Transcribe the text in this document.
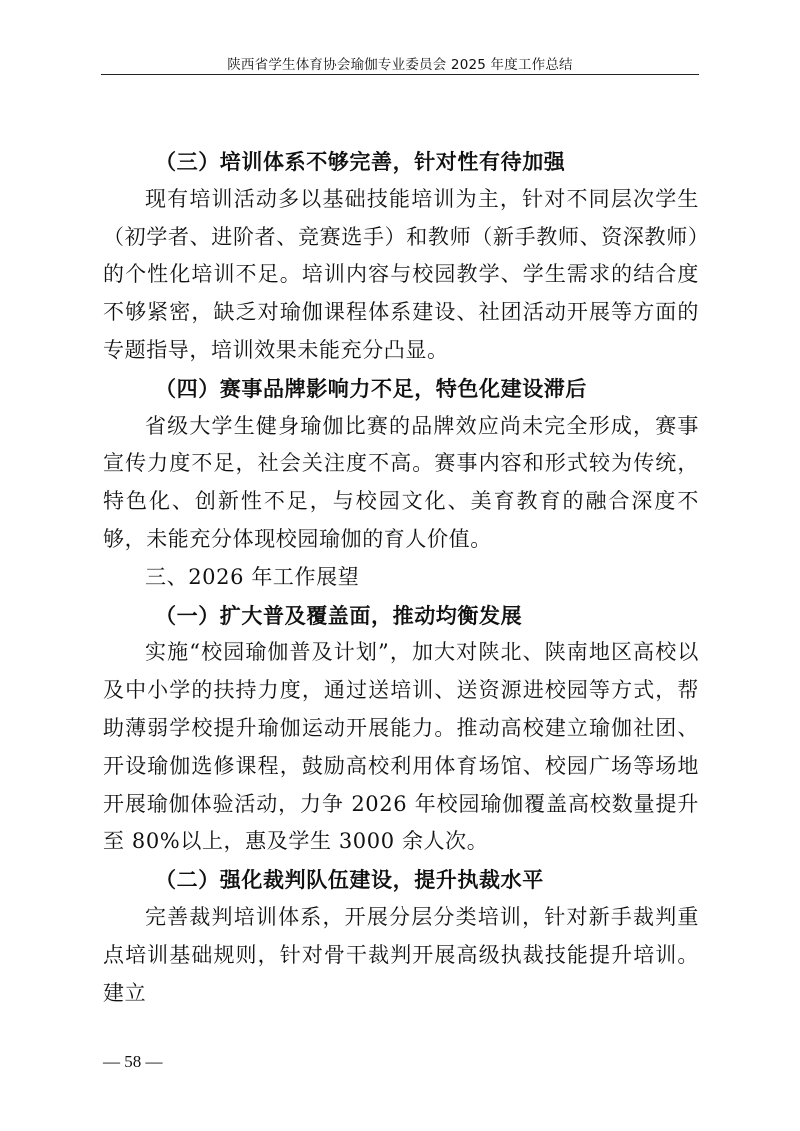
陕西省学生体育协会瑜伽专业委员会 2025 年度工作总结

（三）培训体系不够完善，针对性有待加强

现有培训活动多以基础技能培训为主，针对不同层次学生（初学者、进阶者、竞赛选手）和教师（新手教师、资深教师）的个性化培训不足。培训内容与校园教学、学生需求的结合度不够紧密，缺乏对瑜伽课程体系建设、社团活动开展等方面的专题指导，培训效果未能充分凸显。

（四）赛事品牌影响力不足，特色化建设滞后

省级大学生健身瑜伽比赛的品牌效应尚未完全形成，赛事宣传力度不足，社会关注度不高。赛事内容和形式较为传统，特色化、创新性不足，与校园文化、美育教育的融合深度不够，未能充分体现校园瑜伽的育人价值。

三、2026 年工作展望

（一）扩大普及覆盖面，推动均衡发展

实施“校园瑜伽普及计划”，加大对陕北、陕南地区高校以及中小学的扶持力度，通过送培训、送资源进校园等方式，帮助薄弱学校提升瑜伽运动开展能力。推动高校建立瑜伽社团、开设瑜伽选修课程，鼓励高校利用体育场馆、校园广场等场地开展瑜伽体验活动，力争 2026 年校园瑜伽覆盖高校数量提升至 80%以上，惠及学生 3000 余人次。

（二）强化裁判队伍建设，提升执裁水平

完善裁判培训体系，开展分层分类培训，针对新手裁判重点培训基础规则，针对骨干裁判开展高级执裁技能提升培训。建立

— 58 —
